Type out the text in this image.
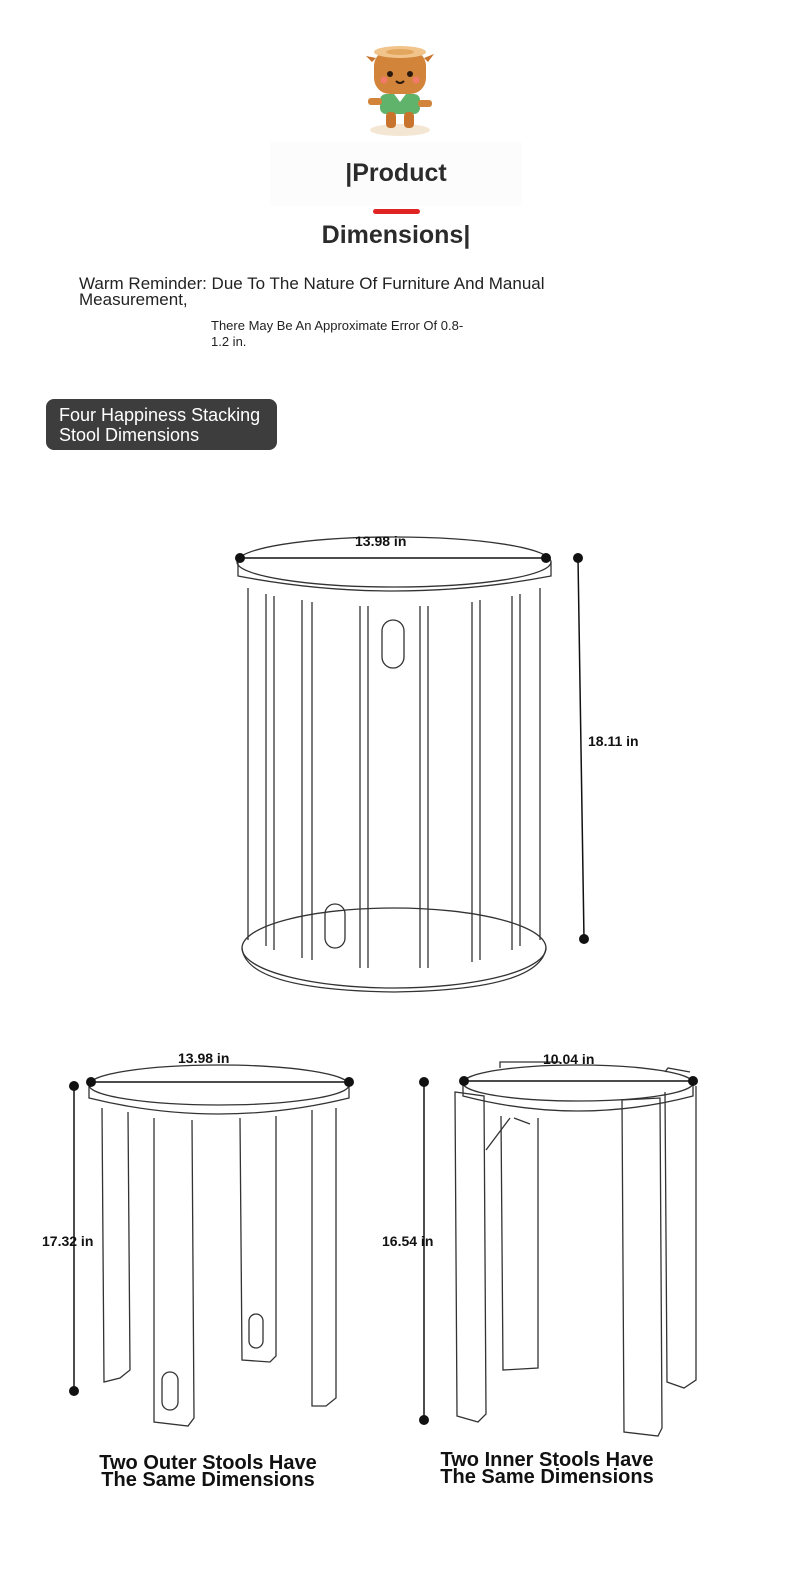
|Product Dimensions|
Warm Reminder: Due To The Nature Of Furniture And Manual Measurement,
There May Be An Approximate Error Of 0.8-1.2 in.
Four Happiness Stacking Stool Dimensions
13.98 in
18.11 in
13.98 in
17.32 in
Two Outer Stools Have The Same Dimensions
10.04 in
16.54 in
Two Inner Stools Have The Same Dimensions
